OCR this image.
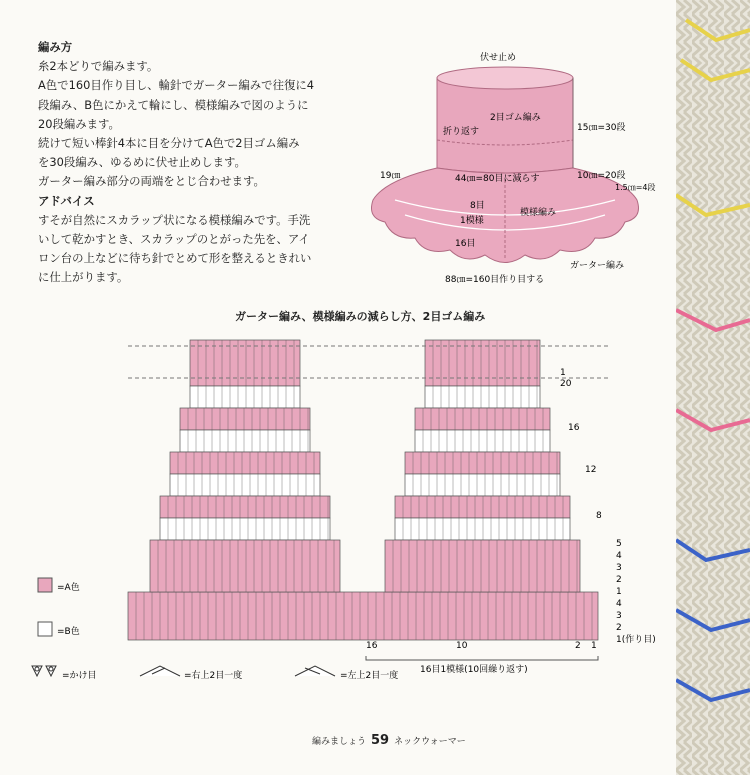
編み方

糸2本どりで編みます。

A色で160目作り目し、輪針でガーター編みで往復に4

段編み、B色にかえて輪にし、模様編みで図のように

20段編みます。

続けて短い棒針4本に目を分けてA色で2目ゴム編み

を30段編み、ゆるめに伏せ止めします。

ガーター編み部分の両端をとじ合わせます。

アドバイス

すそが自然にスカラップ状になる模様編みです。手洗

いして乾かすとき、スカラップのとがった先を、アイ

ロン台の上などに待ち針でとめて形を整えるときれい

に仕上がります。

伏せ止め
2目ゴム編み
折り返す	15㎝=30段
10㎝=20段
44㎝=80目に減らす
19㎝
8目
1模様
模様編み
16目
1.5㎝=4段
ガーター編み
88㎝=160目作り目する
ガーター編み、模様編みの減らし方、2目ゴム編み
1
20
16
12
8
5
4
3
2
1
4
3
2
1(作り目)
16	10	2 1
16目1模様(10回繰り返す)
=A色
=B色
=かけ目	=右上2目一度	=左上2目一度
編みましょう 59 ネックウォーマー
